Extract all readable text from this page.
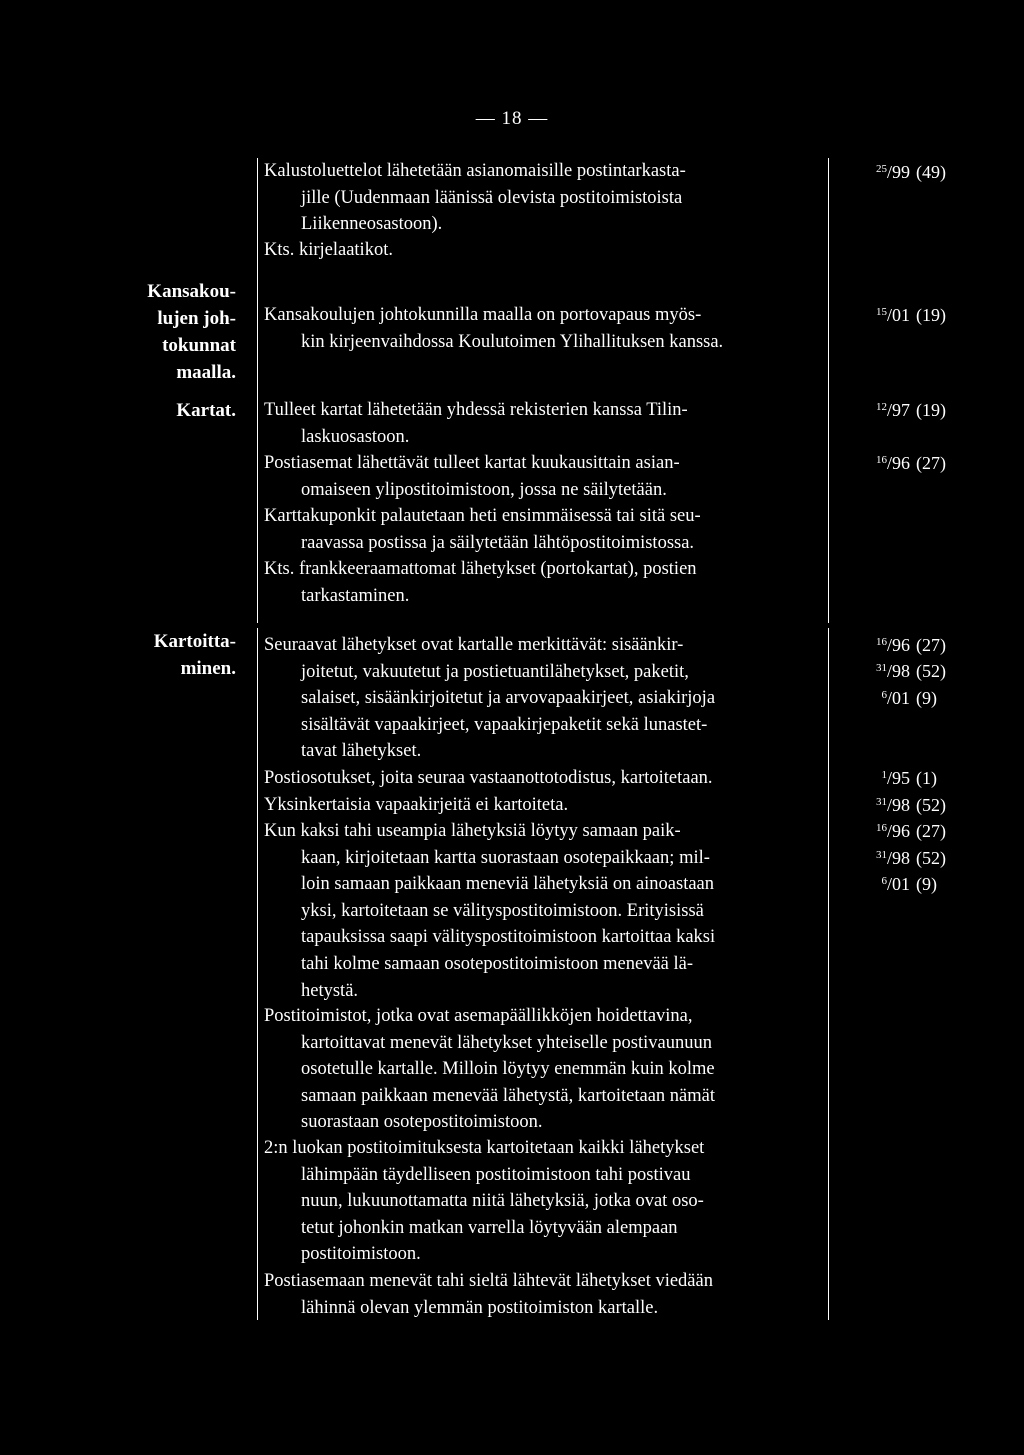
— 18 —
Kansakou-
lujen joh-
tokunnat
maalla.
Kartat.
Kartoitta-
minen.
Kalustoluettelot lähetetään asianomaisille postintarkasta-
jille (Uudenmaan läänissä olevista postitoimistoista
Liikenneosastoon).
Kts. kirjelaatikot.
Kansakoulujen johtokunnilla maalla on portovapaus myös-
kin kirjeenvaihdossa Koulutoimen Ylihallituksen kanssa.
Tulleet kartat lähetetään yhdessä rekisterien kanssa Tilin-
laskuosastoon.
Postiasemat lähettävät tulleet kartat kuukausittain asian-
omaiseen ylipostitoimistoon, jossa ne säilytetään.
Karttakuponkit palautetaan heti ensimmäisessä tai sitä seu-
raavassa postissa ja säilytetään lähtöpostitoimistossa.
Kts. frankkeeraamattomat lähetykset (portokartat), postien
tarkastaminen.
Seuraavat lähetykset ovat kartalle merkittävät: sisäänkir-
joitetut, vakuutetut ja postietuantilähetykset, paketit,
salaiset, sisäänkirjoitetut ja arvovapaakirjeet, asiakirjoja
sisältävät vapaakirjeet, vapaakirjepaketit sekä lunastet-
tavat lähetykset.
Postiosotukset, joita seuraa vastaanottotodistus, kartoitetaan.
Yksinkertaisia vapaakirjeitä ei kartoiteta.
Kun kaksi tahi useampia lähetyksiä löytyy samaan paik-
kaan, kirjoitetaan kartta suorastaan osotepaikkaan; mil-
loin samaan paikkaan meneviä lähetyksiä on ainoastaan
yksi, kartoitetaan se välityspostitoimistoon. Erityisissä
tapauksissa saapi välityspostitoimistoon kartoittaa kaksi
tahi kolme samaan osotepostitoimistoon menevää lä-
hetystä.
Postitoimistot, jotka ovat asemapäällikköjen hoidettavina,
kartoittavat menevät lähetykset yhteiselle postivaunuun
osotetulle kartalle. Milloin löytyy enemmän kuin kolme
samaan paikkaan menevää lähetystä, kartoitetaan nämät
suorastaan osotepostitoimistoon.
2:n luokan postitoimituksesta kartoitetaan kaikki lähetykset
lähimpään täydelliseen postitoimistoon tahi postivau
nuun, lukuunottamatta niitä lähetyksiä, jotka ovat oso-
tetut johonkin matkan varrella löytyvään alempaan
postitoimistoon.
Postiasemaan menevät tahi sieltä lähtevät lähetykset viedään
lähinnä olevan ylemmän postitoimiston kartalle.
$^{25}$/99 (49)
$^{15}$/01 (19)
$^{12}$/97 (19)
$^{16}$/96 (27)
$^{16}$/96 (27)
$^{31}$/98 (52)
$^6$/01 (9)
$^1$/95 (1)
$^{31}$/98 (52)
$^{16}$/96 (27)
$^{31}$/98 (52)
$^6$/01 (9)
